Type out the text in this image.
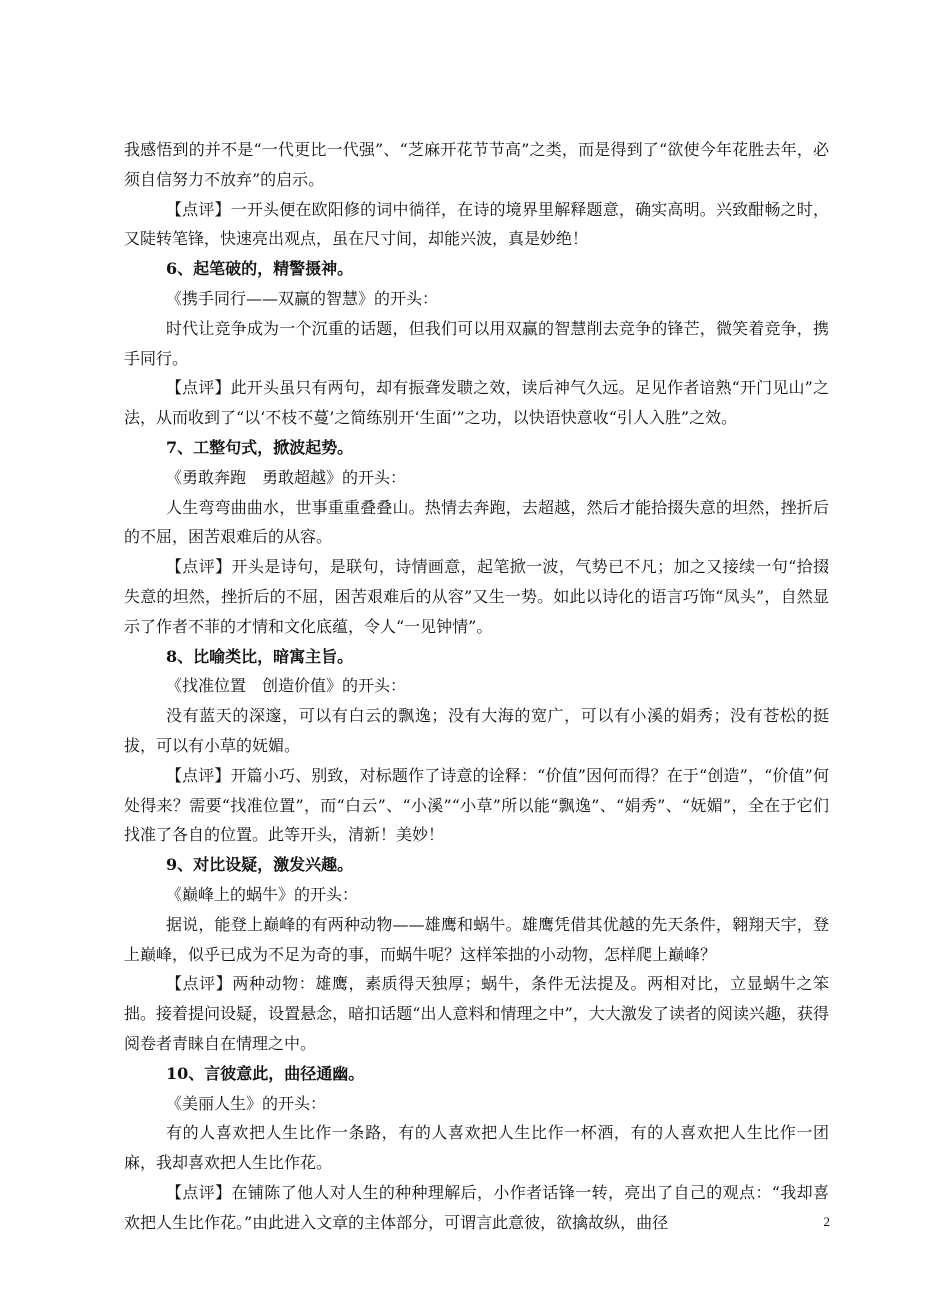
我感悟到的并不是“一代更比一代强”、“芝麻开花节节高”之类，而是得到了“欲使今年花胜去年，必须自信努力不放弃”的启示。

【点评】一开头便在欧阳修的词中徜徉，在诗的境界里解释题意，确实高明。兴致酣畅之时，又陡转笔锋，快速亮出观点，虽在尺寸间，却能兴波，真是妙绝！

6、起笔破的，精警摄神。

《携手同行——双赢的智慧》的开头：

时代让竞争成为一个沉重的话题，但我们可以用双赢的智慧削去竞争的锋芒，微笑着竞争，携手同行。

【点评】此开头虽只有两句，却有振聋发聩之效，读后神气久远。足见作者谙熟“开门见山”之法，从而收到了“以‘不枝不蔓’之简练别开‘生面’”之功，以快语快意收“引人入胜”之效。

7、工整句式，掀波起势。

《勇敢奔跑　勇敢超越》的开头：

人生弯弯曲曲水，世事重重叠叠山。热情去奔跑，去超越，然后才能拾掇失意的坦然，挫折后的不屈，困苦艰难后的从容。

【点评】开头是诗句，是联句，诗情画意，起笔掀一波，气势已不凡；加之又接续一句“拾掇失意的坦然，挫折后的不屈，困苦艰难后的从容”又生一势。如此以诗化的语言巧饰“凤头”，自然显示了作者不菲的才情和文化底蕴，令人“一见钟情”。

8、比喻类比，暗寓主旨。

《找准位置　创造价值》的开头：

没有蓝天的深邃，可以有白云的飘逸；没有大海的宽广，可以有小溪的娟秀；没有苍松的挺拔，可以有小草的妩媚。

【点评】开篇小巧、别致，对标题作了诗意的诠释：“价值”因何而得？在于“创造”，“价值”何处得来？需要“找准位置”，而“白云”、“小溪”“小草”所以能“飘逸”、“娟秀”、“妩媚”，全在于它们找准了各自的位置。此等开头，清新！美妙！

9、对比设疑，激发兴趣。

《巅峰上的蜗牛》的开头：

据说，能登上巅峰的有两种动物——雄鹰和蜗牛。雄鹰凭借其优越的先天条件，翱翔天宇，登上巅峰，似乎已成为不足为奇的事，而蜗牛呢？这样笨拙的小动物，怎样爬上巅峰？

【点评】两种动物：雄鹰，素质得天独厚；蜗牛，条件无法提及。两相对比，立显蜗牛之笨拙。接着提问设疑，设置悬念，暗扣话题“出人意料和情理之中”，大大激发了读者的阅读兴趣，获得阅卷者青睐自在情理之中。

10、言彼意此，曲径通幽。

《美丽人生》的开头：

有的人喜欢把人生比作一条路，有的人喜欢把人生比作一杯酒，有的人喜欢把人生比作一团麻，我却喜欢把人生比作花。

【点评】在铺陈了他人对人生的种种理解后，小作者话锋一转，亮出了自己的观点：“我却喜欢把人生比作花。”由此进入文章的主体部分，可谓言此意彼，欲擒故纵，曲径	2
